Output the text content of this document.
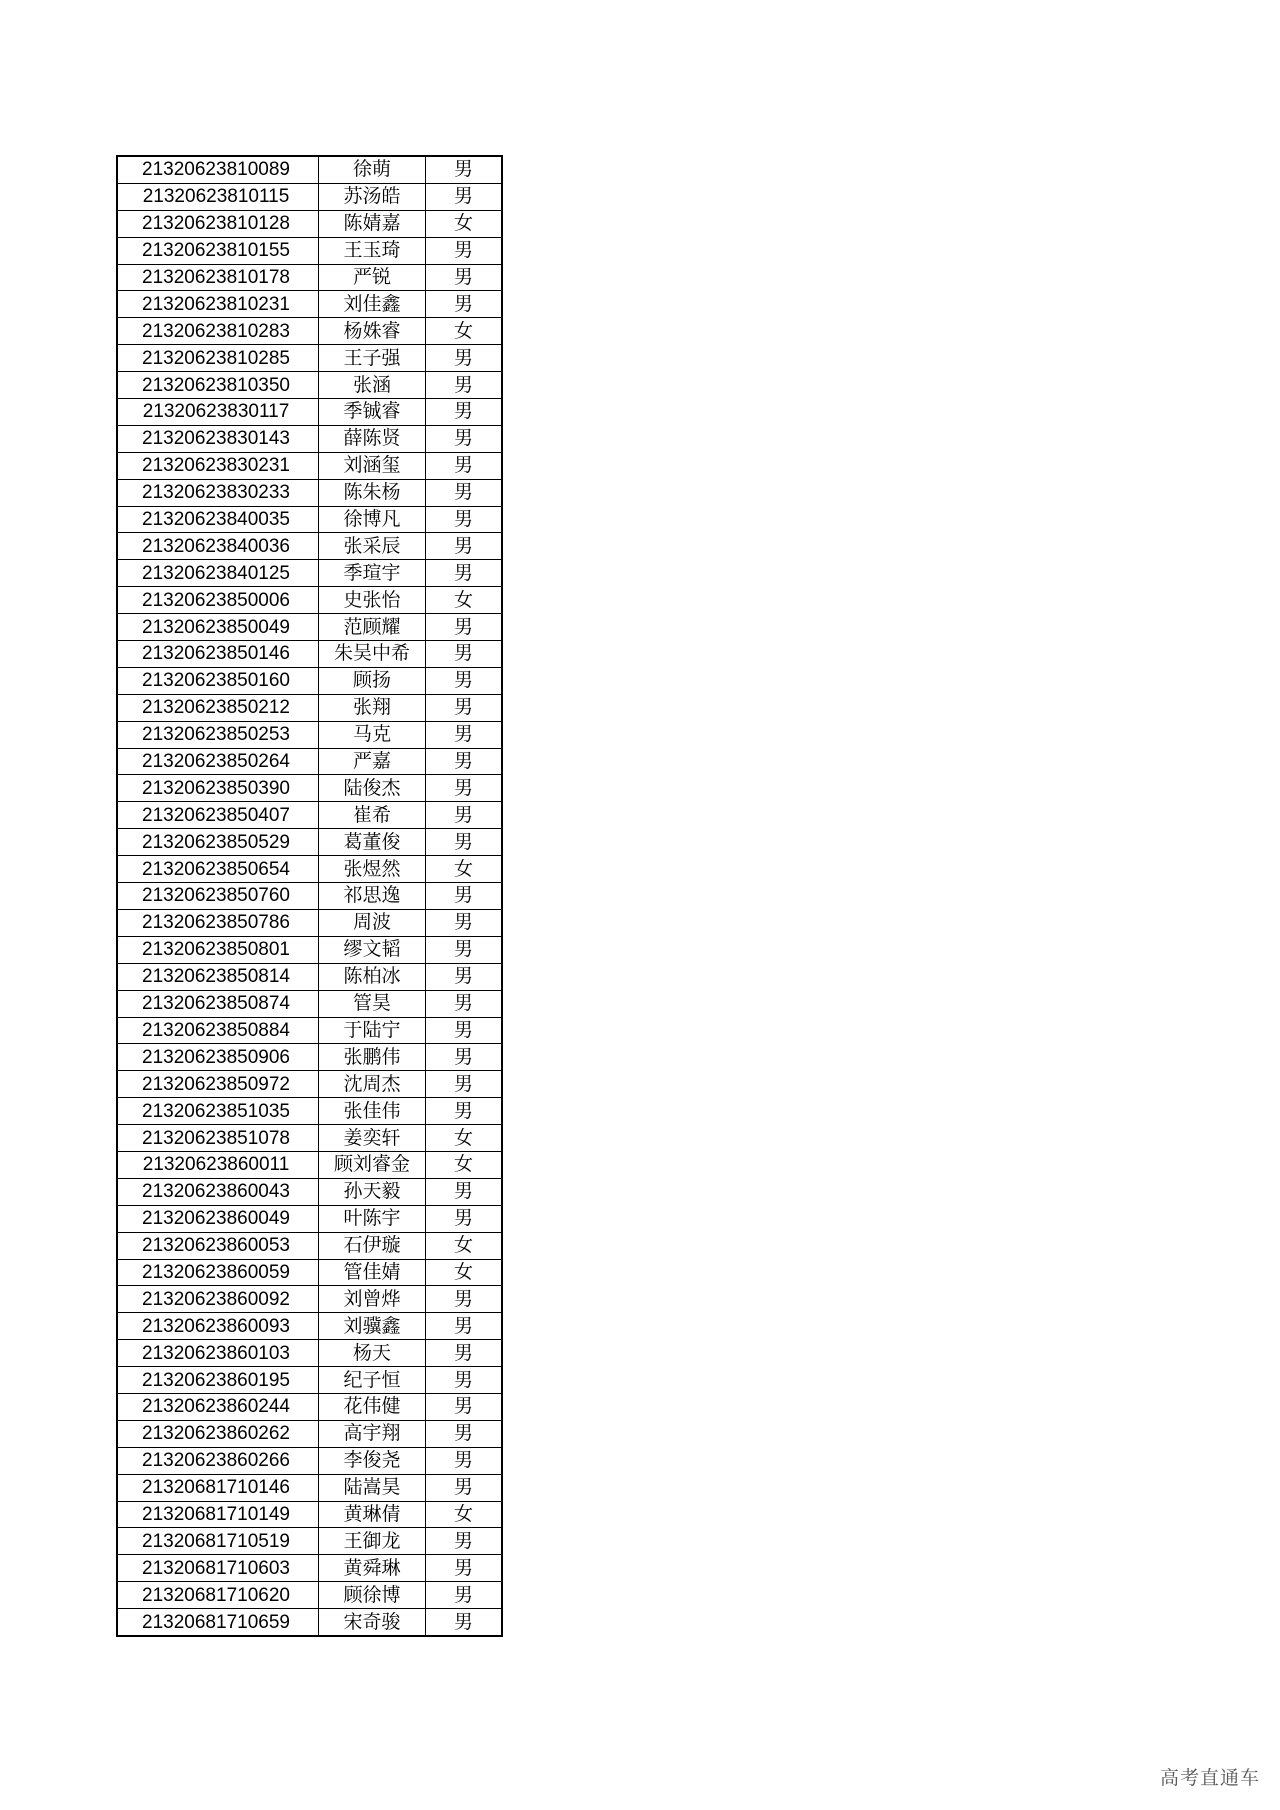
21320623810089	徐萌	男
21320623810115	苏汤皓	男
21320623810128	陈婧嘉	女
21320623810155	王玉琦	男
21320623810178	严锐	男
21320623810231	刘佳鑫	男
21320623810283	杨姝睿	女
21320623810285	王子强	男
21320623810350	张涵	男
21320623830117	季铖睿	男
21320623830143	薛陈贤	男
21320623830231	刘涵玺	男
21320623830233	陈朱杨	男
21320623840035	徐博凡	男
21320623840036	张采辰	男
21320623840125	季瑄宇	男
21320623850006	史张怡	女
21320623850049	范顾耀	男
21320623850146	朱吴中希	男
21320623850160	顾扬	男
21320623850212	张翔	男
21320623850253	马克	男
21320623850264	严嘉	男
21320623850390	陆俊杰	男
21320623850407	崔希	男
21320623850529	葛董俊	男
21320623850654	张煜然	女
21320623850760	祁思逸	男
21320623850786	周波	男
21320623850801	缪文韬	男
21320623850814	陈柏冰	男
21320623850874	管昊	男
21320623850884	于陆宁	男
21320623850906	张鹏伟	男
21320623850972	沈周杰	男
21320623851035	张佳伟	男
21320623851078	姜奕轩	女
21320623860011	顾刘睿金	女
21320623860043	孙天毅	男
21320623860049	叶陈宇	男
21320623860053	石伊璇	女
21320623860059	管佳婧	女
21320623860092	刘曾烨	男
21320623860093	刘骥鑫	男
21320623860103	杨天	男
21320623860195	纪子恒	男
21320623860244	花伟健	男
21320623860262	高宇翔	男
21320623860266	李俊尧	男
21320681710146	陆嵩昊	男
21320681710149	黄琳倩	女
21320681710519	王御龙	男
21320681710603	黄舜琳	男
21320681710620	顾徐博	男
21320681710659	宋奇骏	男
高考直通车
